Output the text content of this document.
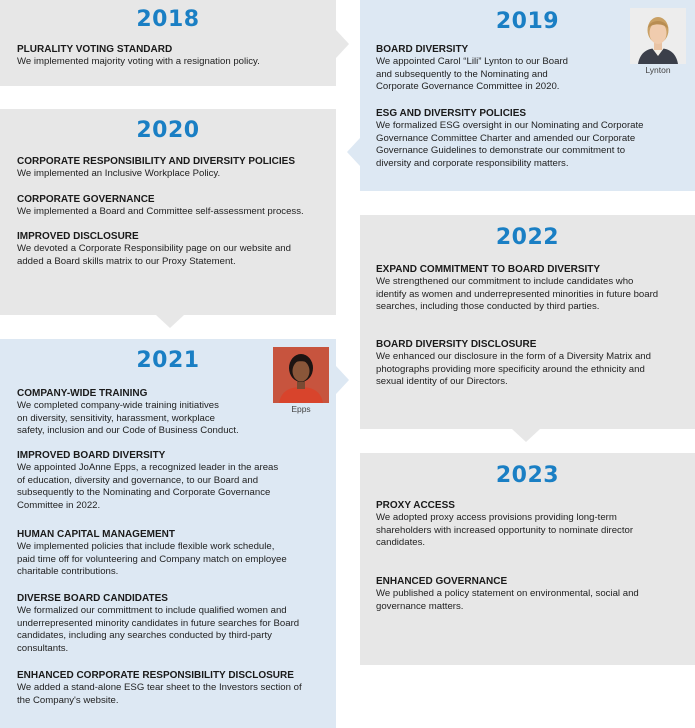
2018
PLURALITY VOTING STANDARD
We implemented majority voting with a resignation policy.
2019
Lynton
BOARD DIVERSITY
We appointed Carol “Lili” Lynton to our Board
and subsequently to the Nominating and
Corporate Governance Committee in 2020.
ESG AND DIVERSITY POLICIES
We formalized ESG oversight in our Nominating and Corporate
Governance Committee Charter and amended our Corporate
Governance Guidelines to demonstrate our commitment to
diversity and corporate responsibility matters.
2020
CORPORATE RESPONSIBILITY AND DIVERSITY POLICIES
We implemented an Inclusive Workplace Policy.
CORPORATE GOVERNANCE
We implemented a Board and Committee self-assessment process.
IMPROVED DISCLOSURE
We devoted a Corporate Responsibility page on our website and
added a Board skills matrix to our Proxy Statement.
2021
Epps
COMPANY-WIDE TRAINING
We completed company-wide training initiatives
on diversity, sensitivity, harassment, workplace
safety, inclusion and our Code of Business Conduct.
IMPROVED BOARD DIVERSITY
We appointed JoAnne Epps, a recognized leader in the areas
of education, diversity and governance, to our Board and
subsequently to the Nominating and Corporate Governance
Committee in 2022.
HUMAN CAPITAL MANAGEMENT
We implemented policies that include flexible work schedule,
paid time off for volunteering and Company match on employee
charitable contributions.
DIVERSE BOARD CANDIDATES
We formalized our committment to include qualified women and
underrepresented minority candidates in future searches for Board
candidates, including any searches conducted by third-party
consultants.
ENHANCED CORPORATE RESPONSIBILITY DISCLOSURE
We added a stand-alone ESG tear sheet to the Investors section of
the Company's website.
2022
EXPAND COMMITMENT TO BOARD DIVERSITY
We strengthened our commitment to include candidates who
identify as women and underrepresented minorities in future board
searches, including those conducted by third parties.
BOARD DIVERSITY DISCLOSURE
We enhanced our disclosure in the form of a Diversity Matrix and
photographs providing more specificity around the ethnicity and
sexual identity of our Directors.
2023
PROXY ACCESS
We adopted proxy access provisions providing long-term
shareholders with increased opportunity to nominate director
candidates.
ENHANCED GOVERNANCE
We published a policy statement on environmental, social and
governance matters.
